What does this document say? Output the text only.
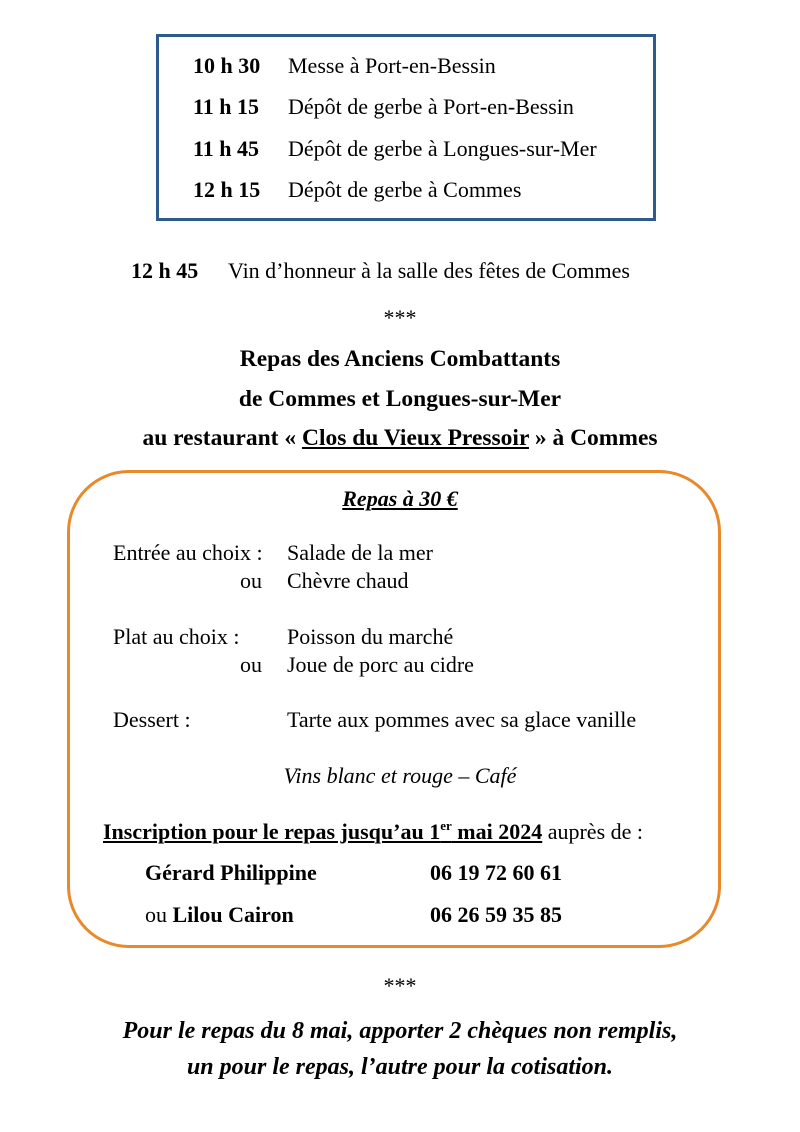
10 h 30 Messe à Port-en-Bessin
11 h 15 Dépôt de gerbe à Port-en-Bessin
11 h 45 Dépôt de gerbe à Longues-sur-Mer
12 h 15 Dépôt de gerbe à Commes
12 h 45 Vin d’honneur à la salle des fêtes de Commes
***
Repas des Anciens Combattants
de Commes et Longues-sur-Mer
au restaurant « Clos du Vieux Pressoir » à Commes
Repas à 30 €
Entrée au choix : Salade de la mer
ou Chèvre chaud
Plat au choix : Poisson du marché
ou Joue de porc au cidre
Dessert :	Tarte aux pommes avec sa glace vanille
Vins blanc et rouge – Café
Inscription pour le repas jusqu’au 1er mai 2024 auprès de :
Gérard Philippine	06 19 72 60 61
ou Lilou Cairon	06 26 59 35 85
***
Pour le repas du 8 mai, apporter 2 chèques non remplis,
un pour le repas, l’autre pour la cotisation.
